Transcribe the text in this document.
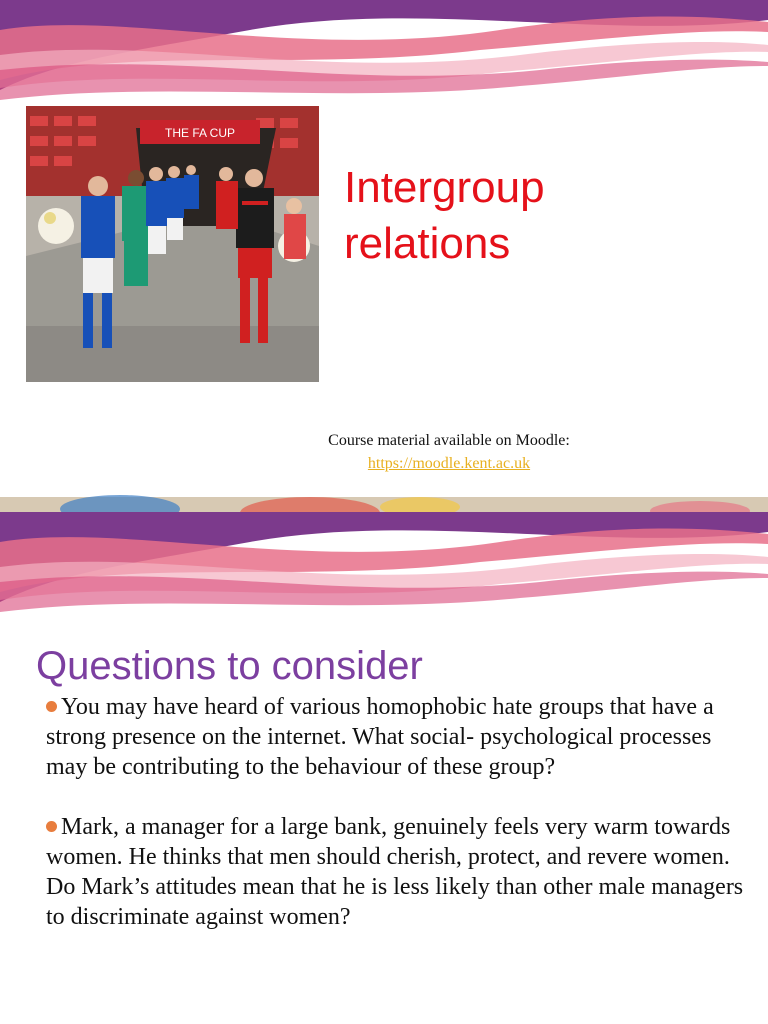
THE FA CUP
Intergroup
relations
Course material available on Moodle:
https://moodle.kent.ac.uk
Questions to consider
You may have heard of various homophobic hate groups that have a strong presence on the internet. What social- psychological processes may be contributing to the behaviour of these group?
Mark, a manager for a large bank, genuinely feels very warm towards women. He thinks that men should cherish, protect, and revere women. Do Mark’s attitudes mean that he is less likely than other male managers to discriminate against women?
